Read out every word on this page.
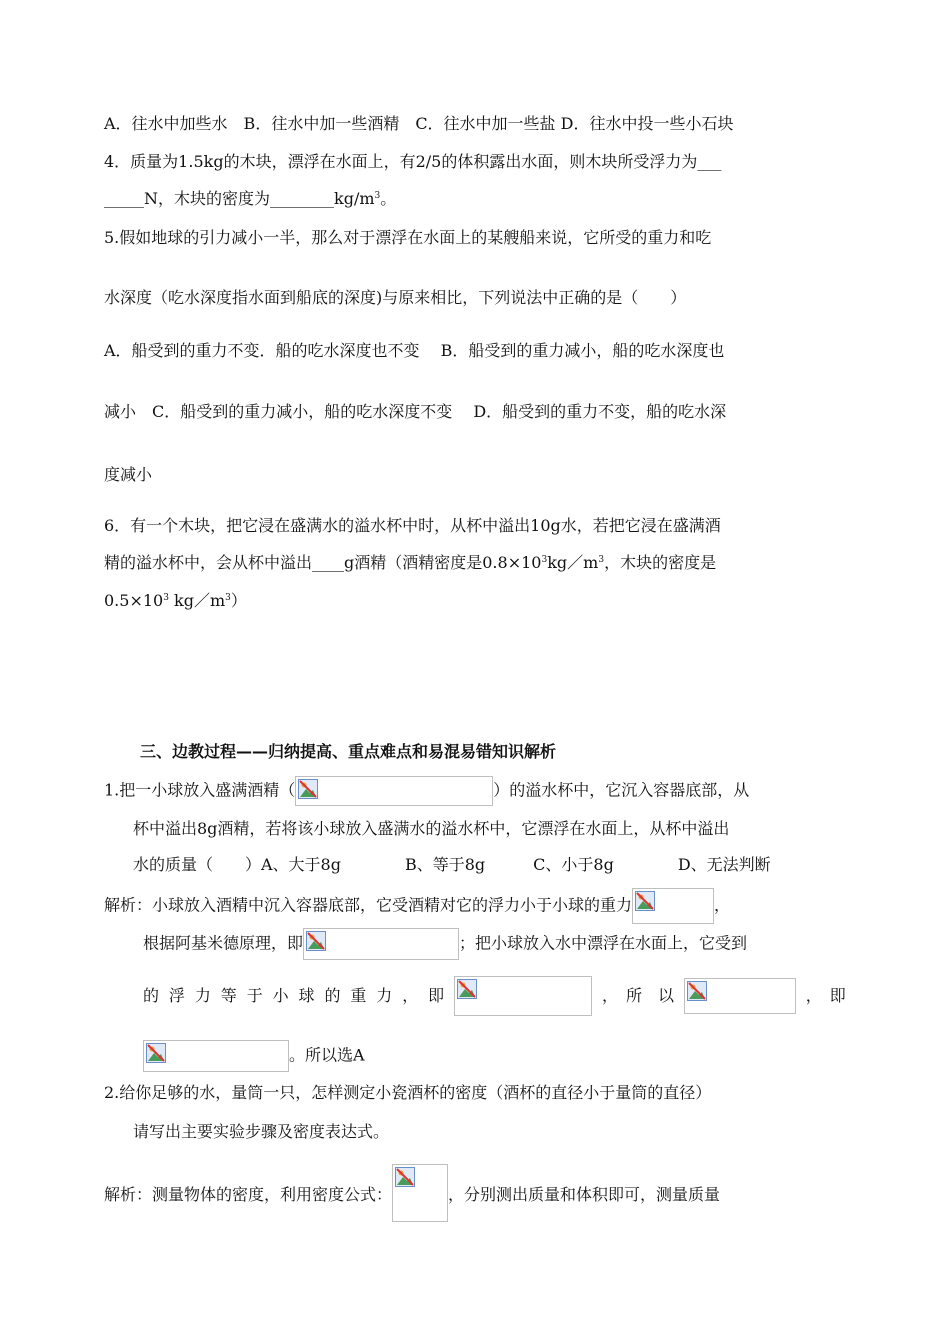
A．往水中加些水　B．往水中加一些酒精　C．往水中加一些盐 D．往水中投一些小石块
4．质量为1.5kg的木块，漂浮在水面上，有2/5的体积露出水面，则木块所受浮力为___
_____N，木块的密度为$\_\_\_\_\_\_\_\_kg/m^3$。
5.假如地球的引力减小一半，那么对于漂浮在水面上的某艘船来说，它所受的重力和吃
水深度（吃水深度指水面到船底的深度)与原来相比，下列说法中正确的是（　　）
A．船受到的重力不变．船的吃水深度也不变　 B．船受到的重力减小，船的吃水深度也
减小　C．船受到的重力减小，船的吃水深度不变　 D．船受到的重力不变，船的吃水深
度减小
6．有一个木块，把它浸在盛满水的溢水杯中时，从杯中溢出10g水，若把它浸在盛满酒
精的溢水杯中，会从杯中溢出____g酒精（酒精密度是$0.8\times 10^3kg/m^3$，木块的密度是
$0.5\times 10^3$ $kg/m^3$）
三、边教过程——归纳提高、重点难点和易混易错知识解析
1.把一小球放入盛满酒精（	）的溢水杯中，它沉入容器底部，从
杯中溢出8g酒精，若将该小球放入盛满水的溢水杯中，它漂浮在水面上，从杯中溢出
水的质量（　　）A、大于8g　　　　B、等于8g　　　C、小于8g　　　　D、无法判断
解析：小球放入酒精中沉入容器底部，它受酒精对它的浮力小于小球的重力	，
根据阿基米德原理，即	；把小球放入水中漂浮在水面上，它受到
的 浮 力 等 于 小 球 的 重 力 ， 即	，　所　以	，　即
。所以选A
2.给你足够的水，量筒一只，怎样测定小瓷酒杯的密度（酒杯的直径小于量筒的直径）
请写出主要实验步骤及密度表达式。
解析：测量物体的密度，利用密度公式：	，分别测出质量和体积即可，测量质量
